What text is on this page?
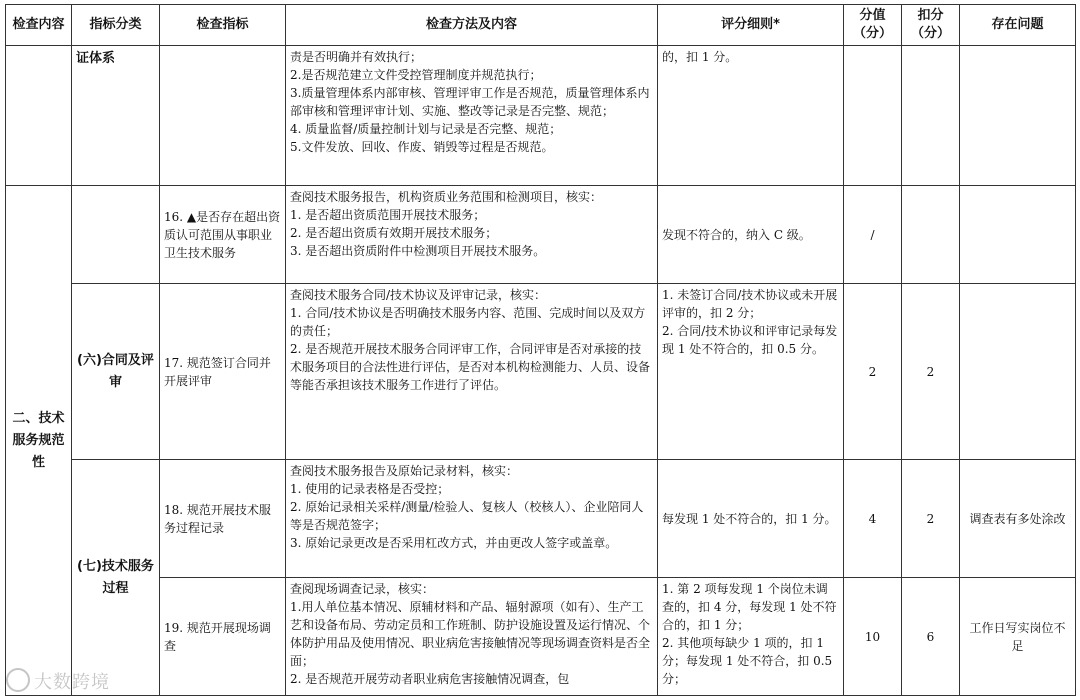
检查内容	指标分类	检查指标	检查方法及内容	评分细则*	分值（分）	扣分（分）	存在问题
	证体系		责是否明确并有效执行；
2.是否规范建立文件受控管理制度并规范执行；
3.质量管理体系内部审核、管理评审工作是否规范，质量管理体系内部审核和管理评审计划、实施、整改等记录是否完整、规范；
4. 质量监督/质量控制计划与记录是否完整、规范；
5.文件发放、回收、作废、销毁等过程是否规范。	的，扣 1 分。			
二、技术服务规范性		16. ▲是否存在超出资质认可范围从事职业卫生技术服务	查阅技术服务报告，机构资质业务范围和检测项目，核实：
1. 是否超出资质范围开展技术服务；
2. 是否超出资质有效期开展技术服务；
3. 是否超出资质附件中检测项目开展技术服务。	发现不符合的，纳入 C 级。	/		
	(六)合同及评审	17. 规范签订合同并开展评审	查阅技术服务合同/技术协议及评审记录，核实：
1. 合同/技术协议是否明确技术服务内容、范围、完成时间以及双方的责任；
2. 是否规范开展技术服务合同评审工作，合同评审是否对承接的技术服务项目的合法性进行评估，是否对本机构检测能力、人员、设备等能否承担该技术服务工作进行了评估。	1. 未签订合同/技术协议或未开展评审的，扣 2 分；
2. 合同/技术协议和评审记录每发现 1 处不符合的，扣 0.5 分。	2	2	
	(七)技术服务过程	18. 规范开展技术服务过程记录	查阅技术服务报告及原始记录材料，核实：
1. 使用的记录表格是否受控；
2. 原始记录相关采样/测量/检验人、复核人（校核人）、企业陪同人等是否规范签字；
3. 原始记录更改是否采用杠改方式，并由更改人签字或盖章。	每发现 1 处不符合的，扣 1 分。	4	2	调查表有多处涂改
		19. 规范开展现场调查	查阅现场调查记录，核实：
1.用人单位基本情况、原辅材料和产品、辐射源项（如有）、生产工艺和设备布局、劳动定员和工作班制、防护设施设置及运行情况、个体防护用品及使用情况、职业病危害接触情况等现场调查资料是否全面；
2. 是否规范开展劳动者职业病危害接触情况调查，包	1. 第 2 项每发现 1 个岗位未调查的，扣 4 分，每发现 1 处不符合的，扣 1 分；
2. 其他项每缺少 1 项的，扣 1 分；每发现 1 处不符合，扣 0.5 分；	10	6	工作日写实岗位不足
大数跨境
